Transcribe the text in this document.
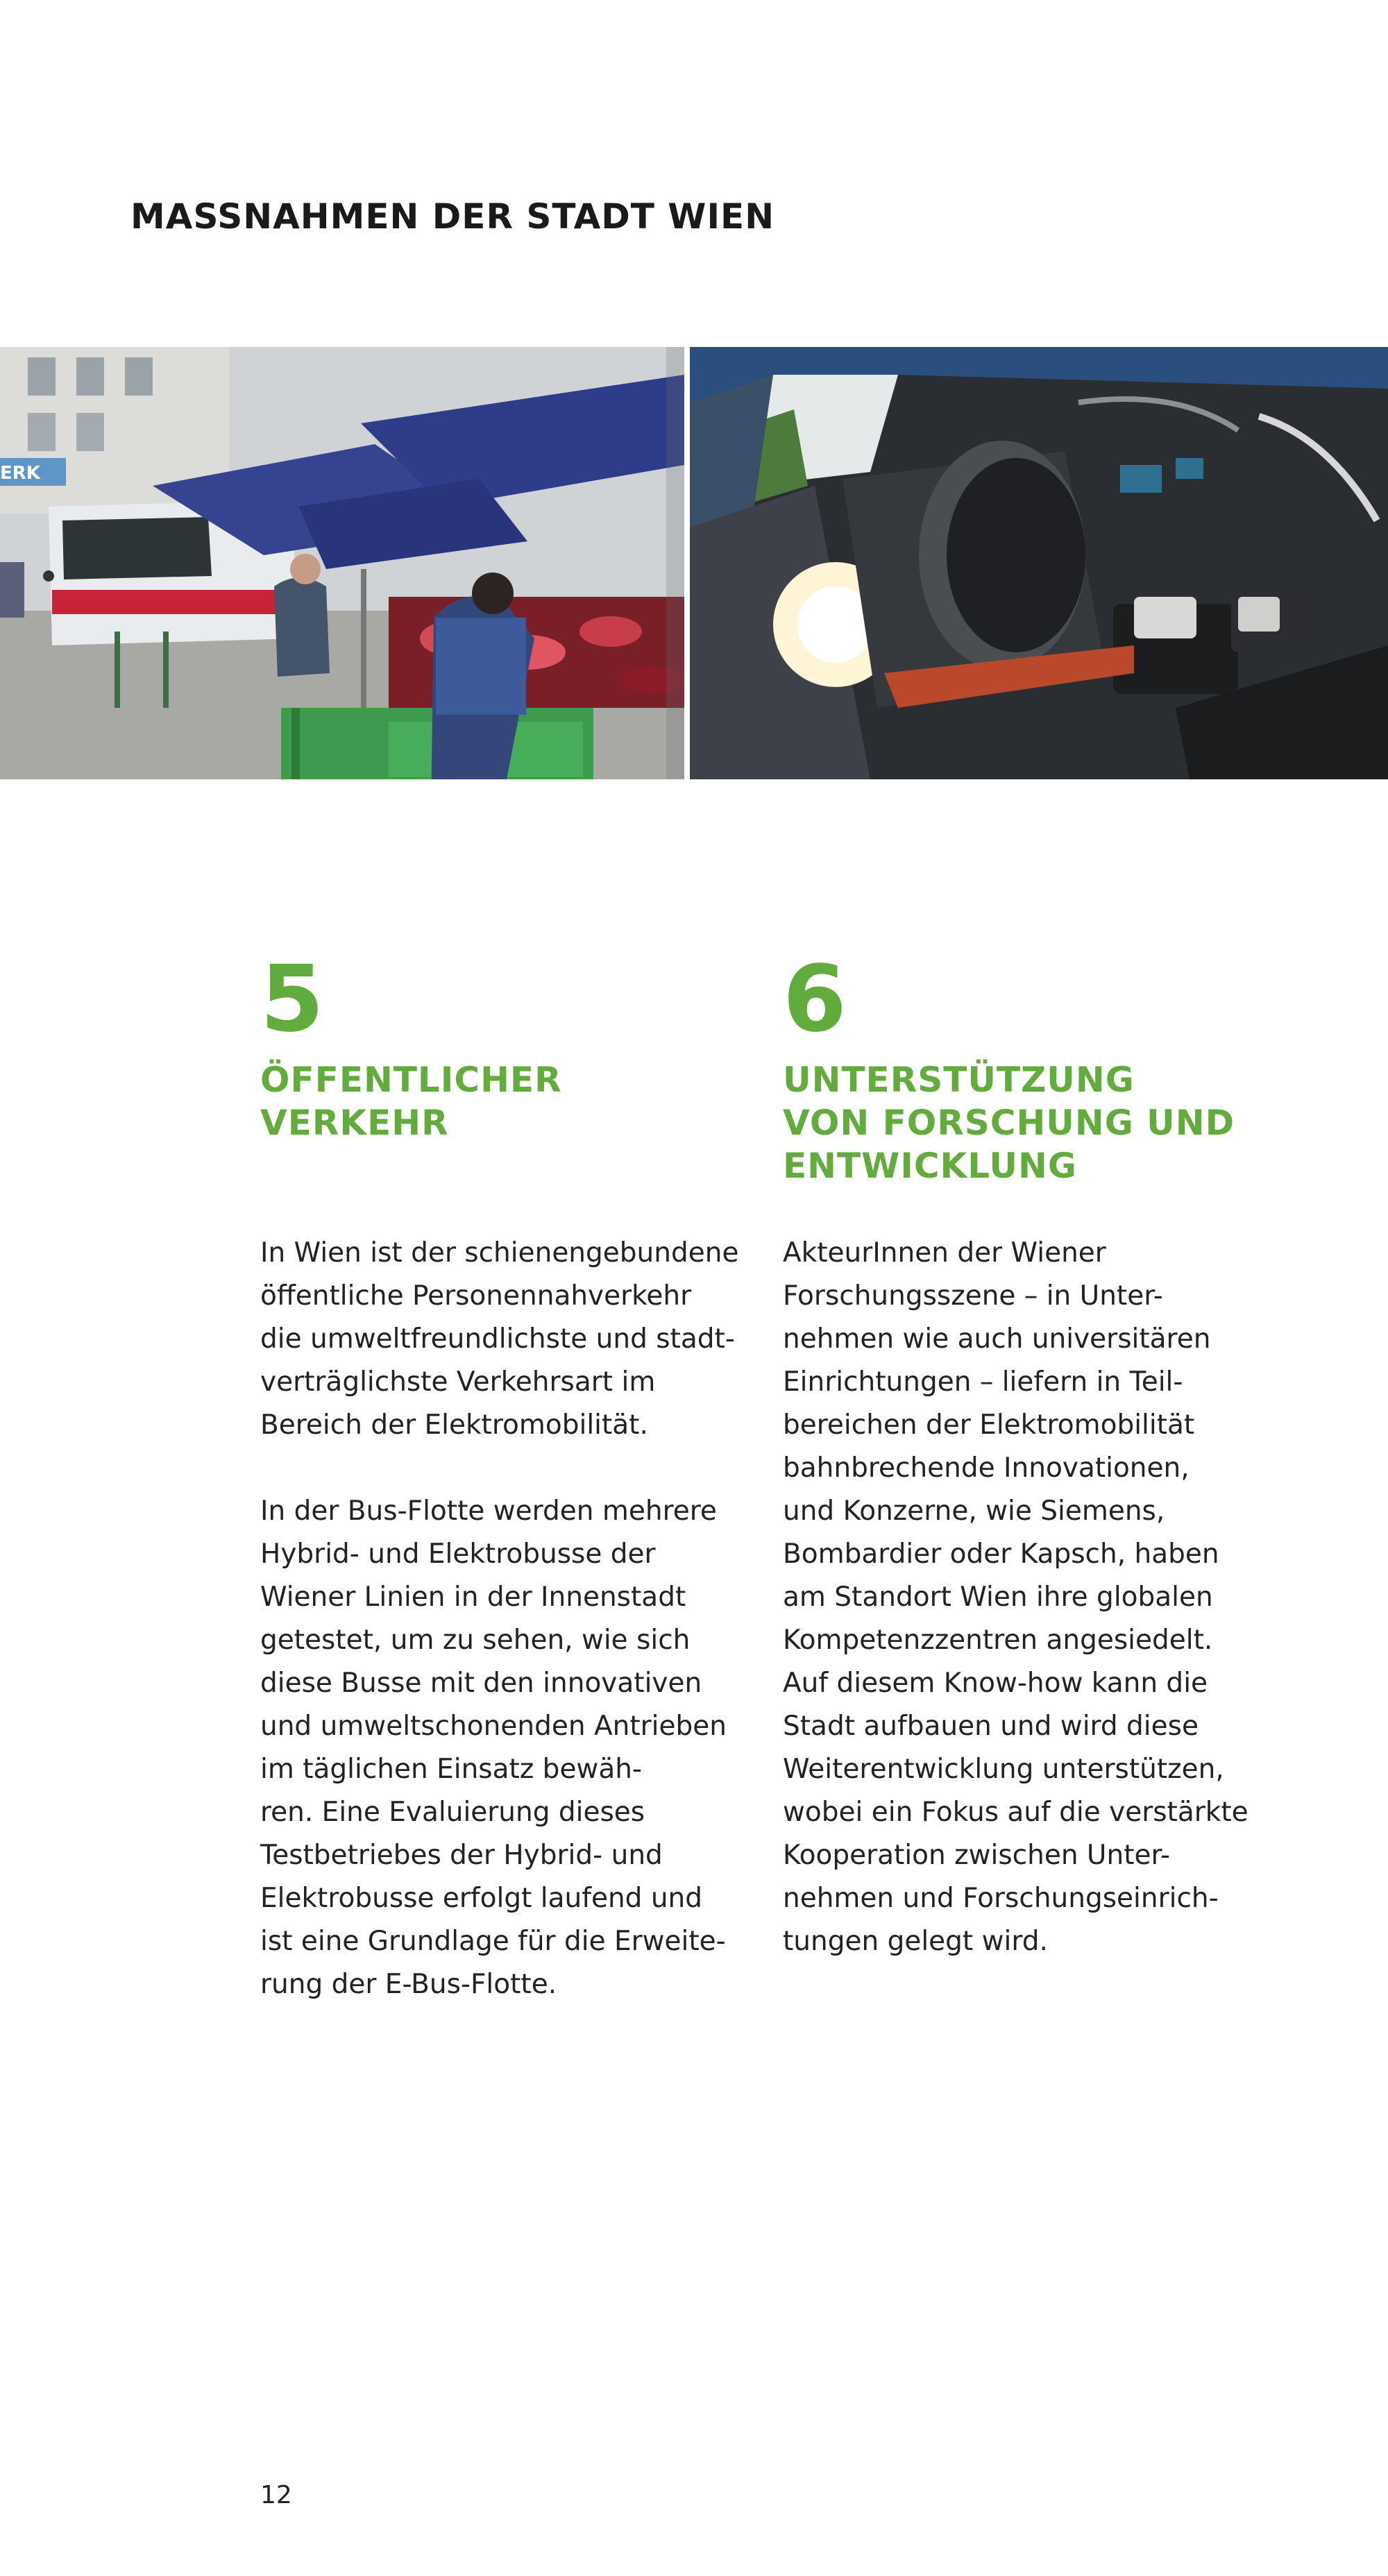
MASSNAHMEN DER STADT WIEN
ERK
5
ÖFFENTLICHER
VERKEHR

In Wien ist der schienengebundene
öffentliche Personennahverkehr
die umweltfreundlichste und stadt-
verträglichste Verkehrsart im
Bereich der Elektromobilität.

In der Bus-Flotte werden mehrere
Hybrid- und Elektrobusse der
Wiener Linien in der Innenstadt
getestet, um zu sehen, wie sich
diese Busse mit den innovativen
und umweltschonenden Antrieben
im täglichen Einsatz bewäh-
ren. Eine Evaluierung dieses
Testbetriebes der Hybrid- und
Elektrobusse erfolgt laufend und
ist eine Grundlage für die Erweite-
rung der E-Bus-Flotte.

6
UNTERSTÜTZUNG
VON FORSCHUNG UND
ENTWICKLUNG

AkteurInnen der Wiener
Forschungsszene – in Unter-
nehmen wie auch universitären
Einrichtungen – liefern in Teil-
bereichen der Elektromobilität
bahnbrechende Innovationen,
und Konzerne, wie Siemens,
Bombardier oder Kapsch, haben
am Standort Wien ihre globalen
Kompetenzzentren angesiedelt.
Auf diesem Know-how kann die
Stadt aufbauen und wird diese
Weiterentwicklung unterstützen,
wobei ein Fokus auf die verstärkte
Kooperation zwischen Unter-
nehmen und Forschungseinrich-
tungen gelegt wird.

12
